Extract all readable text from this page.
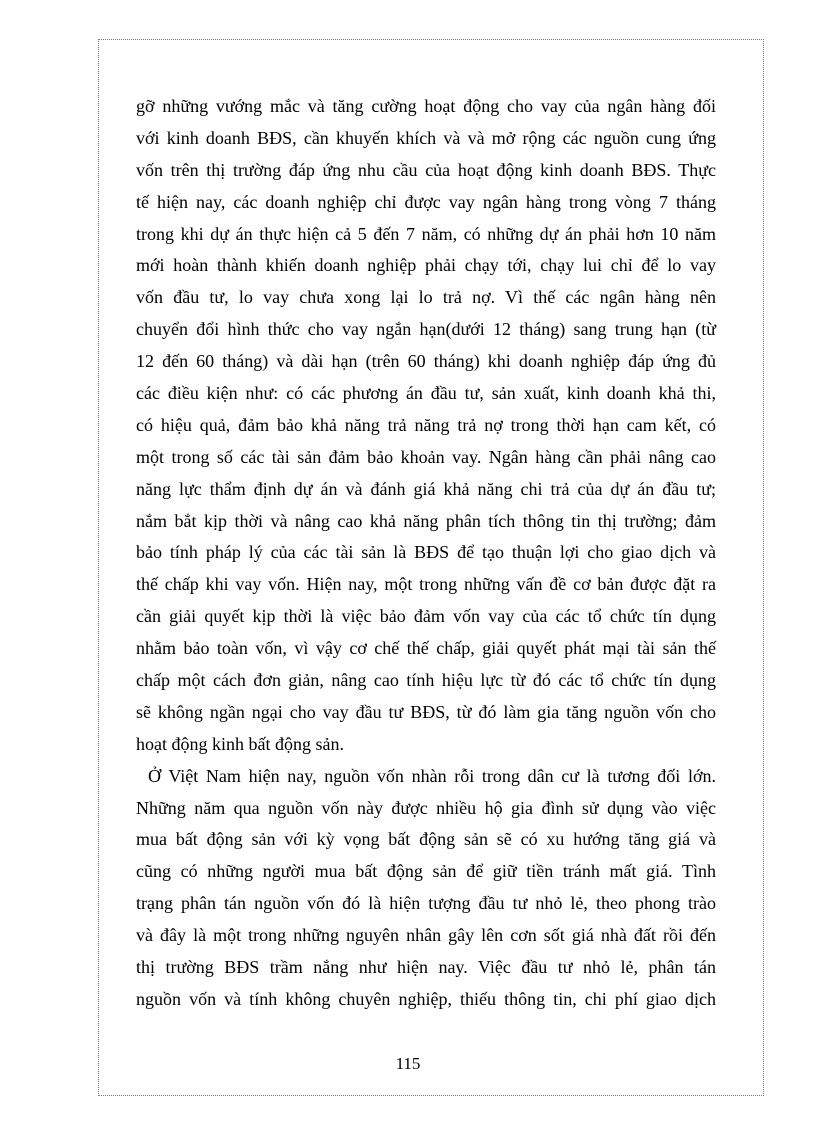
gỡ những vướng mắc và tăng cường hoạt động cho vay của ngân hàng đối
với kinh doanh BĐS, cần khuyến khích và và mở rộng các nguồn cung ứng
vốn trên thị trường đáp ứng nhu cầu của hoạt động kinh doanh BĐS. Thực
tế hiện nay, các doanh nghiệp chỉ được vay ngân hàng trong vòng 7 tháng
trong khi dự án thực hiện cả 5 đến 7 năm, có những dự án phải hơn 10 năm
mới hoàn thành khiến doanh nghiệp phải chạy tới, chạy lui chỉ để lo vay
vốn đầu tư, lo vay chưa xong lại lo trả nợ. Vì thế các ngân hàng nên
chuyển đổi hình thức cho vay ngắn hạn(dưới 12 tháng) sang trung hạn (từ
12 đến 60 tháng) và dài hạn (trên 60 tháng) khi doanh nghiệp đáp ứng đủ
các điều kiện như: có các phương án đầu tư, sản xuất, kinh doanh khả thi,
có hiệu quả, đảm bảo khả năng trả năng trả nợ trong thời hạn cam kết, có
một trong số các tài sản đảm bảo khoản vay. Ngân hàng cần phải nâng cao
năng lực thẩm định dự án và đánh giá khả năng chi trả của dự án đầu tư;
nắm bắt kịp thời và nâng cao khả năng phân tích thông tin thị trường; đảm
bảo tính pháp lý của các tài sản là BĐS để tạo thuận lợi cho giao dịch và
thế chấp khi vay vốn. Hiện nay, một trong những vấn đề cơ bản được đặt ra
cần giải quyết kịp thời là việc bảo đảm vốn vay của các tổ chức tín dụng
nhằm bảo toàn vốn, vì vậy cơ chế thế chấp, giải quyết phát mại tài sản thế
chấp một cách đơn giản, nâng cao tính hiệu lực từ đó các tổ chức tín dụng
sẽ không ngần ngại cho vay đầu tư BĐS, từ đó làm gia tăng nguồn vốn cho
hoạt động kinh bất động sản.
Ở Việt Nam hiện nay, nguồn vốn nhàn rỗi trong dân cư là tương đối lớn.
Những năm qua nguồn vốn này được nhiều hộ gia đình sử dụng vào việc
mua bất động sản với kỳ vọng bất động sản sẽ có xu hướng tăng giá và
cũng có những người mua bất động sản để giữ tiền tránh mất giá. Tình
trạng phân tán nguồn vốn đó là hiện tượng đầu tư nhỏ lẻ, theo phong trào
và đây là một trong những nguyên nhân gây lên cơn sốt giá nhà đất rồi đến
thị trường BĐS trầm nắng như hiện nay. Việc đầu tư nhỏ lẻ, phân tán
nguồn vốn và tính không chuyên nghiệp, thiếu thông tin, chi phí giao dịch
115
